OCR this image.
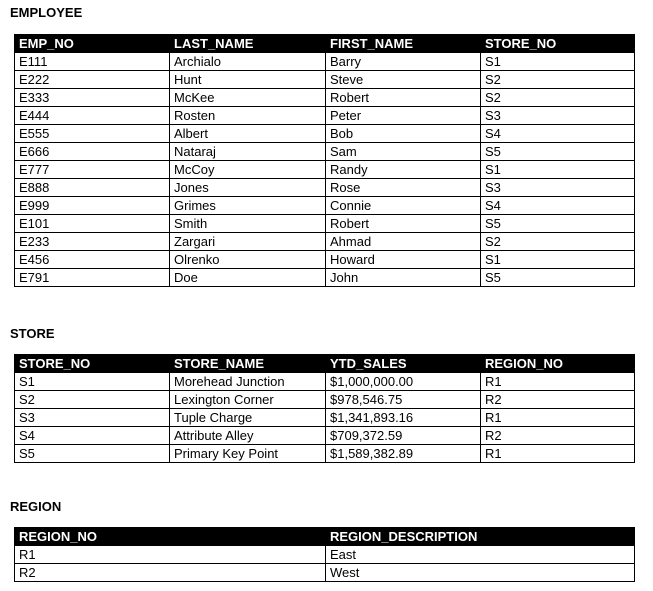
EMPLOYEE
EMP_NO	LAST_NAME	FIRST_NAME	STORE_NO
E111	Archialo	Barry	S1
E222	Hunt	Steve	S2
E333	McKee	Robert	S2
E444	Rosten	Peter	S3
E555	Albert	Bob	S4
E666	Nataraj	Sam	S5
E777	McCoy	Randy	S1
E888	Jones	Rose	S3
E999	Grimes	Connie	S4
E101	Smith	Robert	S5
E233	Zargari	Ahmad	S2
E456	Olrenko	Howard	S1
E791	Doe	John	S5
STORE
STORE_NO	STORE_NAME	YTD_SALES	REGION_NO
S1	Morehead Junction	$1,000,000.00	R1
S2	Lexington Corner	$978,546.75	R2
S3	Tuple Charge	$1,341,893.16	R1
S4	Attribute Alley	$709,372.59	R2
S5	Primary Key Point	$1,589,382.89	R1
REGION
REGION_NO	REGION_DESCRIPTION
R1	East
R2	West
